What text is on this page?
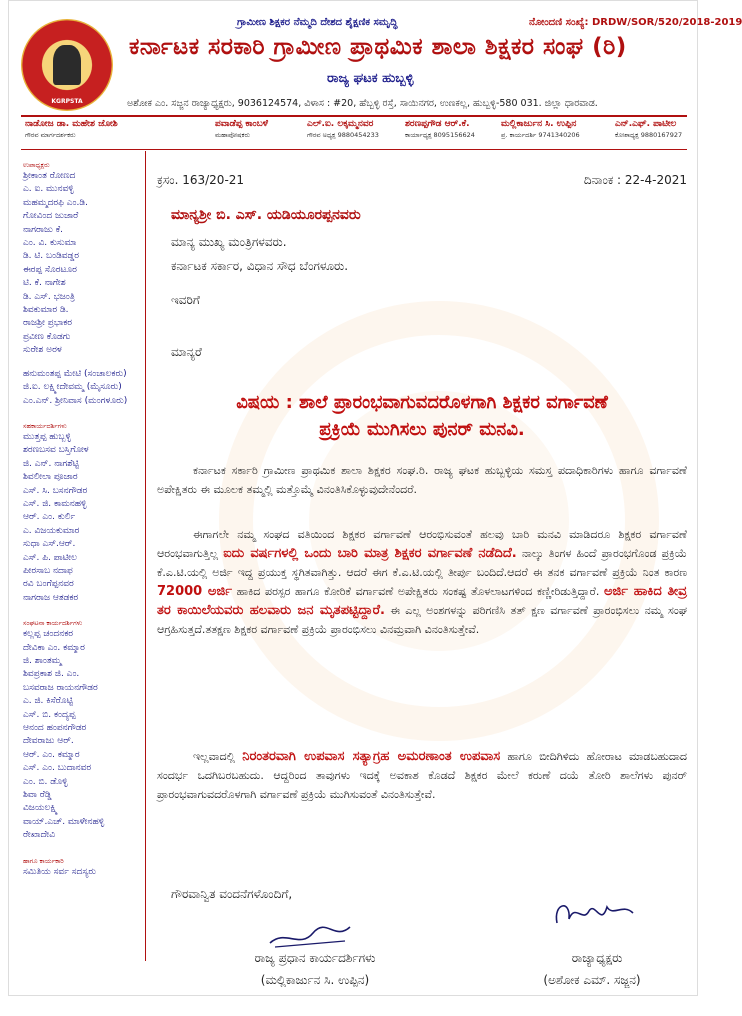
ಗ್ರಾಮೀಣ ಶಿಕ್ಷಕರ ನೆಮ್ಮದಿ ದೇಶದ ಶೈಕ್ಷಣಿಕ ಸಮೃದ್ಧಿ	ನೋಂದಣಿ ಸಂಖ್ಯೆ: DRDW/SOR/520/2018-2019
KGRPSTA
ಕರ್ನಾಟಕ ಸರಕಾರಿ ಗ್ರಾಮೀಣ ಪ್ರಾಥಮಿಕ ಶಾಲಾ ಶಿಕ್ಷಕರ ಸಂಘ (ರಿ)
ರಾಜ್ಯ ಘಟಕ ಹುಬ್ಬಳ್ಳಿ
ಅಶೋಕ ಎಂ. ಸಜ್ಜನ ರಾಜ್ಯಾಧ್ಯಕ್ಷರು, 9036124574, ವಿಳಾಸ : #20, ಹೆಬ್ಬಳ್ಳಿ ರಸ್ತೆ, ಸಾಯಿನಗರ, ಉಣಕಲ್ಲ, ಹುಬ್ಬಳ್ಳಿ-580 031. ಜಿಲ್ಲಾ ಧಾರವಾಡ.
ನಾಡೋಜ ಡಾ. ಮಹೇಶ ಜೋಶಿ
ಗೌರವ ಮಾರ್ಗದರ್ಶಕರು
ಪವಾಡೆಪ್ಪ ಕಾಂಬಳೆ
ಮಹಾಪೋಷಕರು
ಎಲ್.ಐ. ಲಕ್ಕಮ್ಮನವರ
ಗೌರವ ಅಧ್ಯಕ್ಷ 9880454233
ಶರಣಪ್ಪಗೌಡ ಆರ್.ಕೆ.
ಕಾರ್ಯಾಧ್ಯಕ್ಷ 8095156624
ಮಲ್ಲಿಕಾರ್ಜುನ ಸಿ. ಉಪ್ಪಿನ
ಪ್ರ. ಕಾರ್ಯದರ್ಶಿ 9741340206
ಎನ್.ಎಫ್. ಪಾಟೀಲ
ಕೋಶಾಧ್ಯಕ್ಷ 9880167927
ಉಪಾಧ್ಯಕ್ಷರು
ಶ್ರೀಕಾಂತ ರೋಣದ
ಎ. ಐ. ಮುನವಳ್ಳಿ
ಮಹಮ್ಮದರಫಿ ಎಂ.ಡಿ.
ಗೋವಿಂದ ಜುಜಾರೆ
ನಾಗರಾಜು ಕೆ.
ಎಂ. ವಿ. ಕುಸುಮಾ
ಡಿ. ಟಿ. ಬಂಡಿವಡ್ಡರ
ಈರಪ್ಪ ಸೊರಟೂರ
ಟಿ. ಕೆ. ನಾಗೇಶ
ಡಿ. ಎಸ್. ಭಜಂತ್ರಿ
ಶಿವಕುಮಾರ ಡಿ.
ರಾಜಶ್ರೀ ಪ್ರಭಾಕರ
ಪ್ರವೀಣ ಕೊಡಗು
ಸುರೇಶ ಅರಳ
ಹನುಮಂತಪ್ಪ ಮೇಟಿ (ಸಂಚಾಲಕರು)
ಜಿ.ಐ. ಲಕ್ಷ್ಮೀದೇವಮ್ಮ (ಮೈಸೂರು)
ಎಂ.ಎನ್. ಶ್ರೀನಿವಾಸ (ಮಂಗಳೂರು)
ಸಹಕಾರ್ಯದರ್ಶಿಗಳು
ಮುತ್ತಪ್ಪ ಹುಬ್ಬಳ್ಳಿ
ಶರಣಬಸವ ಬಸ್ತಿಗೋಳ
ಜಿ. ಎನ್. ನಾಗಶೆಟ್ಟಿ
ಶಿವಲೀಲಾ ಪೂಜಾರ
ಎಸ್. ಸಿ. ಬಸನಗೌಡರ
ಎಸ್. ಜಿ. ಕಾಮನಹಳ್ಳಿ
ಆರ್. ಎಂ. ಕುರ್ಲಿ
ಎ. ವಿಜಯಕುಮಾರ
ಸುಧಾ ಎಸ್.ಆರ್.
ಎಸ್. ಪಿ. ಪಾಟೀಲ
ಪೀರಸಾಬ ನದಾಫ
ರವಿ ಬಂಗೆಪ್ಪನವರ
ನಾಗರಾಜ ಆತಡಕರ
ಸಂಘಟನಾ ಕಾರ್ಯದರ್ಶಿಗಳು
ಕಲ್ಲಪ್ಪ ಚಂದನಕರ
ದೇವಿಕಾ ಎಂ. ಕಮ್ಮಾರ
ಜಿ. ಶಾಂತಮ್ಮ
ಶಿವಪ್ರಕಾಶ ಜಿ. ಎಂ.
ಬಸವರಾಜ ರಾಯನಗೌಡರ
ಎ. ಜಿ. ಕಿಸೆರೊಟ್ಟಿ
ಎಸ್. ಬಿ. ಕಂದ್ಯಪ್ಪ
ಆನಂದ ಹಂಪನಗೌಡರ
ದೇವರಾಜು ಆರ್.
ಆರ್. ಎಂ. ಕಮ್ಮಾರ
ಎಸ್. ಎಂ. ಬುದಾನವರ
ಎಂ. ಬಿ. ಡೊಳ್ಳಿ
ಶಿವಾ ರೆಡ್ಡಿ
ವಿಜಯಲಕ್ಷ್ಮಿ
ವಾಯ್.ಎಚ್. ಮಾಳೇನಹಳ್ಳಿ
ರೇಖಾದೇವಿ
ಹಾಗೂ ಕಾರ್ಯಕಾರಿ
ಸಮಿತಿಯ ಸರ್ವ ಸದಸ್ಯರು
ಕ್ರಸಂ. 163/20-21	ದಿನಾಂಕ : 22-4-2021
ಮಾನ್ಯಶ್ರೀ ಬಿ. ಎಸ್. ಯಡಿಯೂರಪ್ಪನವರು
ಮಾನ್ಯ ಮುಖ್ಯ ಮಂತ್ರಿಗಳವರು.
ಕರ್ನಾಟಕ ಸರ್ಕಾರ, ವಿಧಾನ ಸೌಧ ಬೆಂಗಳೂರು.
ಇವರಿಗೆ
ಮಾನ್ಯರೆ
ವಿಷಯ : ಶಾಲೆ ಪ್ರಾರಂಭವಾಗುವದರೊಳಗಾಗಿ ಶಿಕ್ಷಕರ ವರ್ಗಾವಣೆ
ಪ್ರಕ್ರಿಯೆ ಮುಗಿಸಲು ಪುನರ್ ಮನವಿ.
ಕರ್ನಾಟಕ ಸರ್ಕಾರಿ ಗ್ರಾಮೀಣ ಪ್ರಾಥಮಿಕ ಶಾಲಾ ಶಿಕ್ಷಕರ ಸಂಘ.ರಿ. ರಾಜ್ಯ ಘಟಕ ಹುಬ್ಬಳ್ಳಿಯ ಸಮಸ್ತ ಪದಾಧಿಕಾರಿಗಳು ಹಾಗೂ ವರ್ಗಾವಣೆ ಅಪೇಕ್ಷಿತರು ಈ ಮೂಲಕ ತಮ್ಮಲ್ಲಿ ಮತ್ತೊಮ್ಮೆ ವಿನಂತಿಸಿಕೊಳ್ಳುವುದೇನೆಂದರೆ.
ಈಗಾಗಲೇ ನಮ್ಮ ಸಂಘದ ವತಿಯಿಂದ ಶಿಕ್ಷಕರ ವರ್ಗಾವಣೆ ಆರಂಭಿಸುವಂತೆ ಹಲವು ಬಾರಿ ಮನವಿ ಮಾಡಿದರೂ ಶಿಕ್ಷಕರ ವರ್ಗಾವಣೆ ಆರಂಭವಾಗುತ್ತಿಲ್ಲ ಐದು ವರ್ಷಗಳಲ್ಲಿ ಒಂದು ಬಾರಿ ಮಾತ್ರ ಶಿಕ್ಷಕರ ವರ್ಗಾವಣೆ ನಡೆದಿದೆ. ನಾಲ್ಕು ತಿಂಗಳ ಹಿಂದೆ ಪ್ರಾರಂಭಗೊಂಡ ಪ್ರಕ್ರಿಯೆ ಕೆ.ಎ.ಟಿ.ಯಲ್ಲಿ ಅರ್ಜಿ ಇದ್ದ ಪ್ರಯುಕ್ತ ಸ್ಥಗಿತವಾಗಿತ್ತು. ಆದರೆ ಈಗ ಕೆ.ಎ.ಟಿ.ಯಲ್ಲಿ ತೀರ್ಪು ಬಂದಿದೆ.ಆದರೆ ಈ ತನಕ ವರ್ಗಾವಣೆ ಪ್ರಕ್ರಿಯೆ ನಿಂತ ಕಾರಣ 72000 ಅರ್ಜಿ ಹಾಕಿದ ಪರಸ್ಪರ ಹಾಗೂ ಕೋರಿಕೆ ವರ್ಗಾವಣೆ ಅಪೇಕ್ಷಿತರು ಸಂಕಷ್ಟ ತೊಳಲಾಟಗಳಿಂದ ಕಣ್ಣೀರಿಡುತ್ತಿದ್ದಾರೆ. ಅರ್ಜಿ ಹಾಕಿದ ತೀವ್ರ ತರ ಕಾಯಿಲೆಯವರು ಹಲವಾರು ಜನ ಮೃತಪಟ್ಟಿದ್ದಾರೆ. ಈ ಎಲ್ಲ ಅಂಶಗಳನ್ನು ಪರಿಗಣಿಸಿ ತತ್ ಕ್ಷಣ ವರ್ಗಾವಣೆ ಪ್ರಾರಂಭಿಸಲು ನಮ್ಮ ಸಂಘ ಆಗ್ರಹಿಸುತ್ತದೆ.ತತಕ್ಷಣ ಶಿಕ್ಷಕರ ವರ್ಗಾವಣೆ ಪ್ರಕ್ರಿಯೆ ಪ್ರಾರಂಭಿಸಲು ವಿನಮ್ರವಾಗಿ ವಿನಂತಿಸುತ್ತೇವೆ.
ಇಲ್ಲವಾದಲ್ಲಿ ನಿರಂತರವಾಗಿ ಉಪವಾಸ ಸತ್ಯಾಗ್ರಹ ಅಮರಣಾಂತ ಉಪವಾಸ ಹಾಗೂ ಬೀದಿಗಿಳಿದು ಹೋರಾಟ ಮಾಡಬಹುದಾದ ಸಂದರ್ಭ ಒದಗಿಬರಬಹುದು. ಆದ್ದರಿಂದ ತಾವುಗಳು ಇದಕ್ಕೆ ಅವಕಾಶ ಕೊಡದೆ ಶಿಕ್ಷಕರ ಮೇಲೆ ಕರುಣೆ ದಯೆ ತೋರಿ ಶಾಲೆಗಳು ಪುನರ್ ಪ್ರಾರಂಭವಾಗುವದರೊಳಗಾಗಿ ವರ್ಗಾವಣೆ ಪ್ರಕ್ರಿಯೆ ಮುಗಿಸುವಂತೆ ವಿನಂತಿಸುತ್ತೇವೆ.
ಗೌರವಾನ್ವಿತ ವಂದನೆಗಳೊಂದಿಗೆ,
ರಾಜ್ಯ ಪ್ರಧಾನ ಕಾರ್ಯದರ್ಶಿಗಳು
(ಮಲ್ಲಿಕಾರ್ಜುನ ಸಿ. ಉಪ್ಪಿನ)
ರಾಜ್ಯಾಧ್ಯಕ್ಷರು
(ಅಶೋಕ ಎಮ್. ಸಜ್ಜನ)
